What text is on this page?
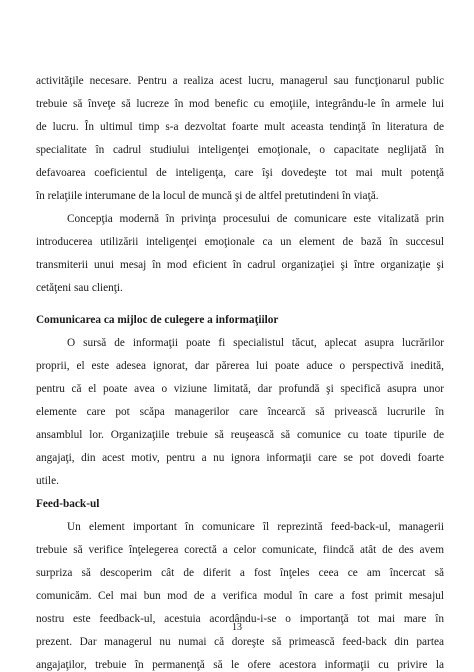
activităţile necesare. Pentru a realiza acest lucru, managerul sau funcţionarul public
trebuie să înveţe să lucreze în mod benefic cu emoţiile, integrându-le în armele lui
de lucru. În ultimul timp s-a dezvoltat foarte mult aceasta tendinţă în literatura de
specialitate în cadrul studiului inteligenţei emoţionale, o capacitate neglijată în
defavoarea coeficientul de inteligenţa, care îşi dovedeşte tot mai mult potenţă
în relaţiile interumane de la locul de muncă şi de altfel pretutindeni în viaţă.
Concepţia modernă în privinţa procesului de comunicare este vitalizată prin
introducerea utilizării inteligenţei emoţionale ca un element de bază în succesul
transmiterii unui mesaj în mod eficient în cadrul organizaţiei şi între organizaţie şi
cetăţeni sau clienţi.
Comunicarea ca mijloc de culegere a informaţiilor
O sursă de informaţii poate fi specialistul tăcut, aplecat asupra lucrărilor
proprii, el este adesea ignorat, dar părerea lui poate aduce o perspectivă inedită,
pentru că el poate avea o viziune limitată, dar profundă şi specifică asupra unor
elemente care pot scăpa managerilor care încearcă să privească lucrurile în
ansamblul lor. Organizaţiile trebuie să reuşească să comunice cu toate tipurile de
angajaţi, din acest motiv, pentru a nu ignora informaţii care se pot dovedi foarte
utile.
Feed-back-ul
Un element important în comunicare îl reprezintă feed-back-ul, managerii
trebuie să verifice înţelegerea corectă a celor comunicate, fiindcă atât de des avem
surpriza să descoperim cât de diferit a fost înţeles ceea ce am încercat să
comunicăm. Cel mai bun mod de a verifica modul în care a fost primit mesajul
nostru este feedback-ul, acestuia acordându-i-se o importanţă tot mai mare în
prezent. Dar managerul nu numai că doreşte să primească feed-back din partea
angajaţilor, trebuie în permanenţă să le ofere acestora informaţii cu privire la
13
